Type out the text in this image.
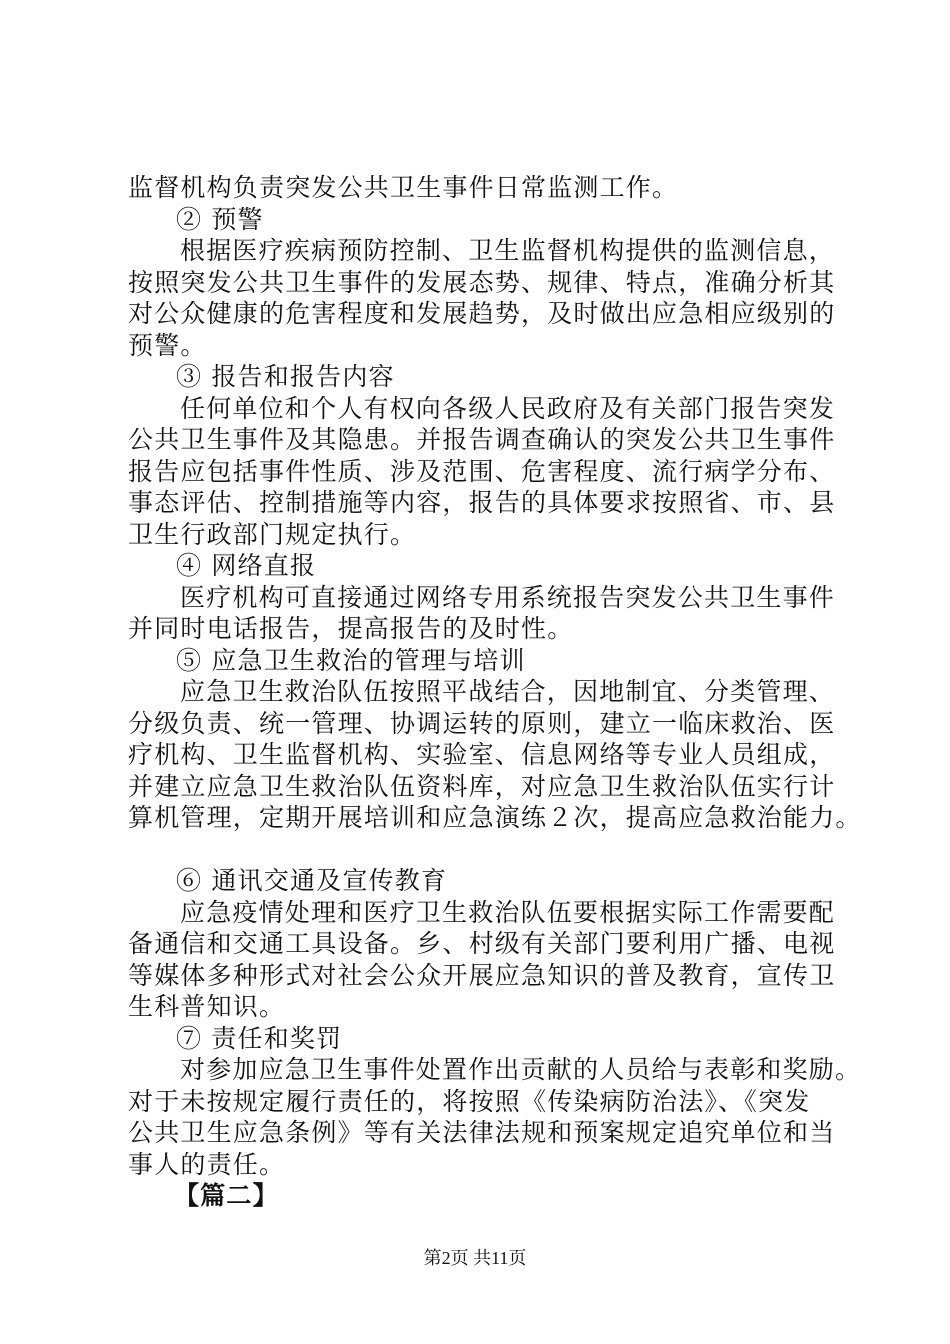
监督机构负责突发公共卫生事件日常监测工作。
② 预警
根据医疗疾病预防控制、卫生监督机构提供的监测信息，
按照突发公共卫生事件的发展态势、规律、特点，准确分析其
对公众健康的危害程度和发展趋势，及时做出应急相应级别的
预警。
③ 报告和报告内容
任何单位和个人有权向各级人民政府及有关部门报告突发
公共卫生事件及其隐患。并报告调查确认的突发公共卫生事件
报告应包括事件性质、涉及范围、危害程度、流行病学分布、
事态评估、控制措施等内容，报告的具体要求按照省、市、县
卫生行政部门规定执行。
④ 网络直报
医疗机构可直接通过网络专用系统报告突发公共卫生事件
并同时电话报告，提高报告的及时性。
⑤ 应急卫生救治的管理与培训
应急卫生救治队伍按照平战结合，因地制宜、分类管理、
分级负责、统一管理、协调运转的原则，建立一临床救治、医
疗机构、卫生监督机构、实验室、信息网络等专业人员组成，
并建立应急卫生救治队伍资料库，对应急卫生救治队伍实行计
算机管理，定期开展培训和应急演练２次，提高应急救治能力。
⑥ 通讯交通及宣传教育
应急疫情处理和医疗卫生救治队伍要根据实际工作需要配
备通信和交通工具设备。乡、村级有关部门要利用广播、电视
等媒体多种形式对社会公众开展应急知识的普及教育，宣传卫
生科普知识。
⑦ 责任和奖罚
对参加应急卫生事件处置作出贡献的人员给与表彰和奖励。
对于未按规定履行责任的，将按照《传染病防治法》、《突发
公共卫生应急条例》等有关法律法规和预案规定追究单位和当
事人的责任。
【篇二】
第2页 共11页
